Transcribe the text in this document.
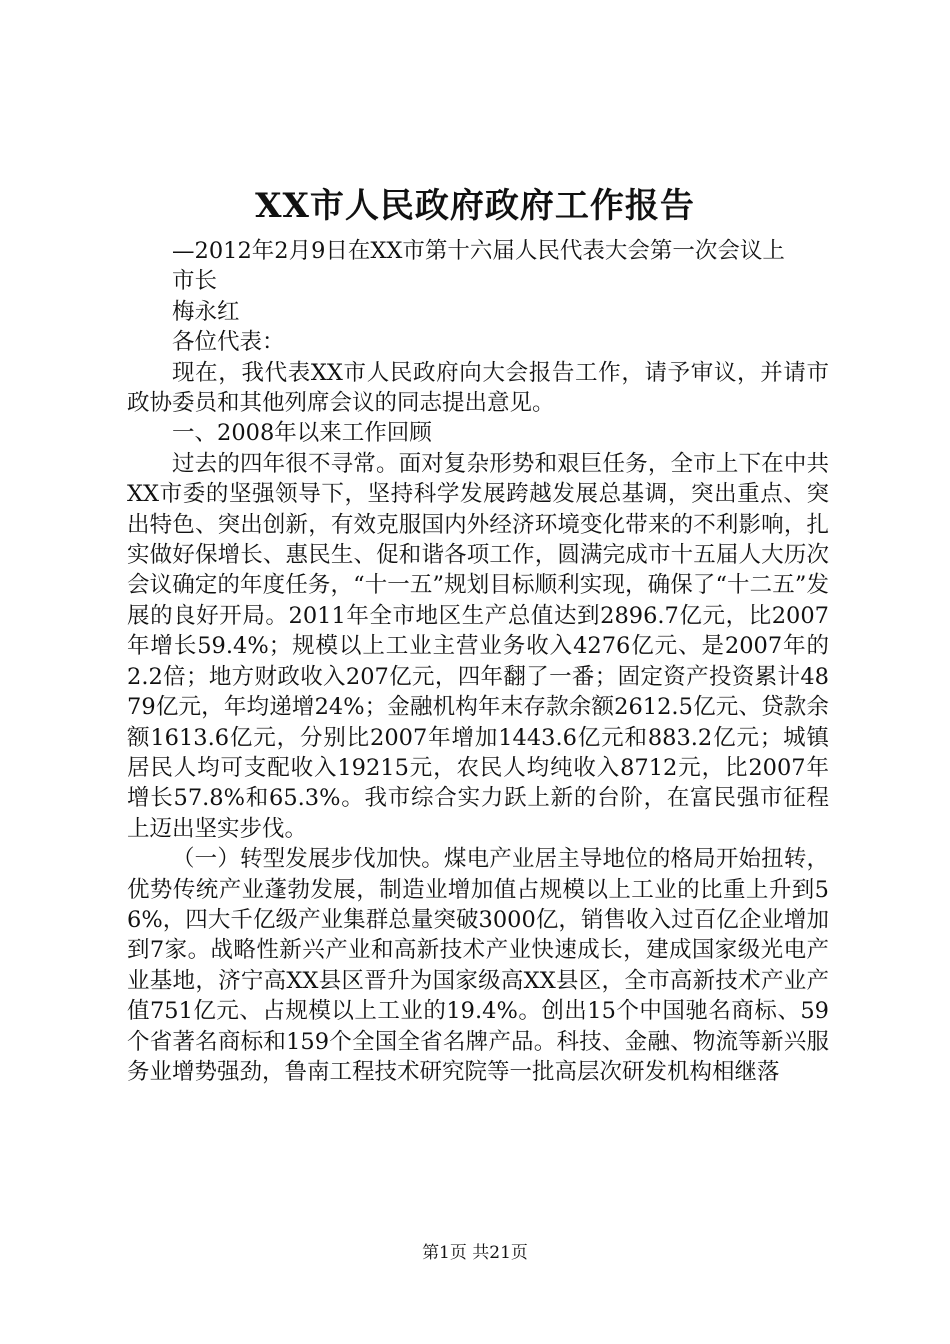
XX市人民政府政府工作报告

—2012年2月9日在XX市第十六届人民代表大会第一次会议上

市长

梅永红

各位代表：

现在，我代表XX市人民政府向大会报告工作，请予审议，并请市政协委员和其他列席会议的同志提出意见。

一、2008年以来工作回顾

过去的四年很不寻常。面对复杂形势和艰巨任务，全市上下在中共XX市委的坚强领导下，坚持科学发展跨越发展总基调，突出重点、突出特色、突出创新，有效克服国内外经济环境变化带来的不利影响，扎实做好保增长、惠民生、促和谐各项工作，圆满完成市十五届人大历次会议确定的年度任务，“十一五”规划目标顺利实现，确保了“十二五”发展的良好开局。2011年全市地区生产总值达到2896.7亿元，比2007年增长59.4%；规模以上工业主营业务收入4276亿元、是2007年的2.2倍；地方财政收入207亿元，四年翻了一番；固定资产投资累计4879亿元，年均递增24%；金融机构年末存款余额2612.5亿元、贷款余额1613.6亿元，分别比2007年增加1443.6亿元和883.2亿元；城镇居民人均可支配收入19215元，农民人均纯收入8712元，比2007年增长57.8%和65.3%。我市综合实力跃上新的台阶，在富民强市征程上迈出坚实步伐。

（一）转型发展步伐加快。煤电产业居主导地位的格局开始扭转，优势传统产业蓬勃发展，制造业增加值占规模以上工业的比重上升到56%，四大千亿级产业集群总量突破3000亿，销售收入过百亿企业增加到7家。战略性新兴产业和高新技术产业快速成长，建成国家级光电产业基地，济宁高XX县区晋升为国家级高XX县区，全市高新技术产业产值751亿元、占规模以上工业的19.4%。创出15个中国驰名商标、59个省著名商标和159个全国全省名牌产品。科技、金融、物流等新兴服务业增势强劲，鲁南工程技术研究院等一批高层次研发机构相继落

第1页 共21页
